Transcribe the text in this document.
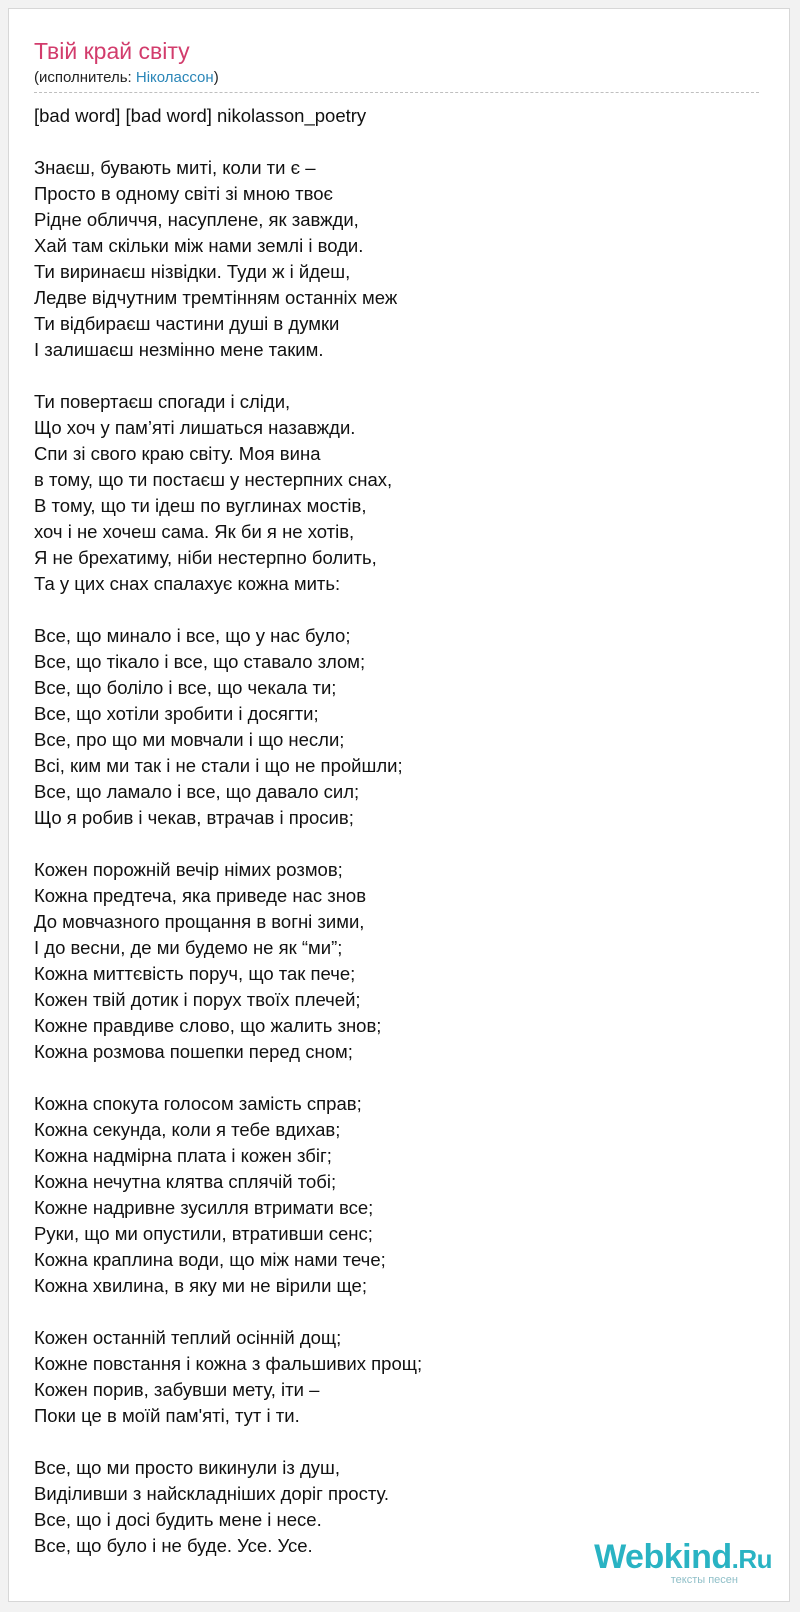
Твій край світу
(исполнитель: Ніколассон)
[bad word] [bad word] nikolasson_poetry
Знаєш, бувають миті, коли ти є –
Просто в одному світі зі мною твоє
Рідне обличчя, насуплене, як завжди,
Хай там скільки між нами землі і води.
Ти виринаєш нізвідки. Туди ж і йдеш,
Ледве відчутним тремтінням останніх меж
Ти відбираєш частини душі в думки
І залишаєш незмінно мене таким.
Ти повертаєш спогади і сліди,
Що хоч у пам’яті лишаться назавжди.
Спи зі свого краю світу. Моя вина
в тому, що ти постаєш у нестерпних снах,
В тому, що ти ідеш по вуглинах мостів,
хоч і не хочеш сама. Як би я не хотів,
Я не брехатиму, ніби нестерпно болить,
Та у цих снах спалахує кожна мить:
Все, що минало і все, що у нас було;
Все, що тікало і все, що ставало злом;
Все, що боліло і все, що чекала ти;
Все, що хотіли зробити і досягти;
Все, про що ми мовчали і що несли;
Всі, ким ми так і не стали і що не пройшли;
Все, що ламало і все, що давало сил;
Що я робив і чекав, втрачав і просив;
Кожен порожній вечір німих розмов;
Кожна предтеча, яка приведе нас знов
До мовчазного прощання в вогні зими,
І до весни, де ми будемо не як “ми”;
Кожна миттєвість поруч, що так пече;
Кожен твій дотик і порух твоїх плечей;
Кожне правдиве слово, що жалить знов;
Кожна розмова пошепки перед сном;
Кожна спокута голосом замість справ;
Кожна секунда, коли я тебе вдихав;
Кожна надмірна плата і кожен збіг;
Кожна нечутна клятва сплячій тобі;
Кожне надривне зусилля втримати все;
Руки, що ми опустили, втративши сенс;
Кожна краплина води, що між нами тече;
Кожна хвилина, в яку ми не вірили ще;
Кожен останній теплий осінній дощ;
Кожне повстання і кожна з фальшивих прощ;
Кожен порив, забувши мету, іти –
Поки це в моїй пам'яті, тут і ти.
Все, що ми просто викинули із душ,
Виділивши з найскладніших доріг просту.
Все, що і досі будить мене і несе.
Все, що було і не буде. Усе. Усе.	Webkind.Ru
тексты песен
